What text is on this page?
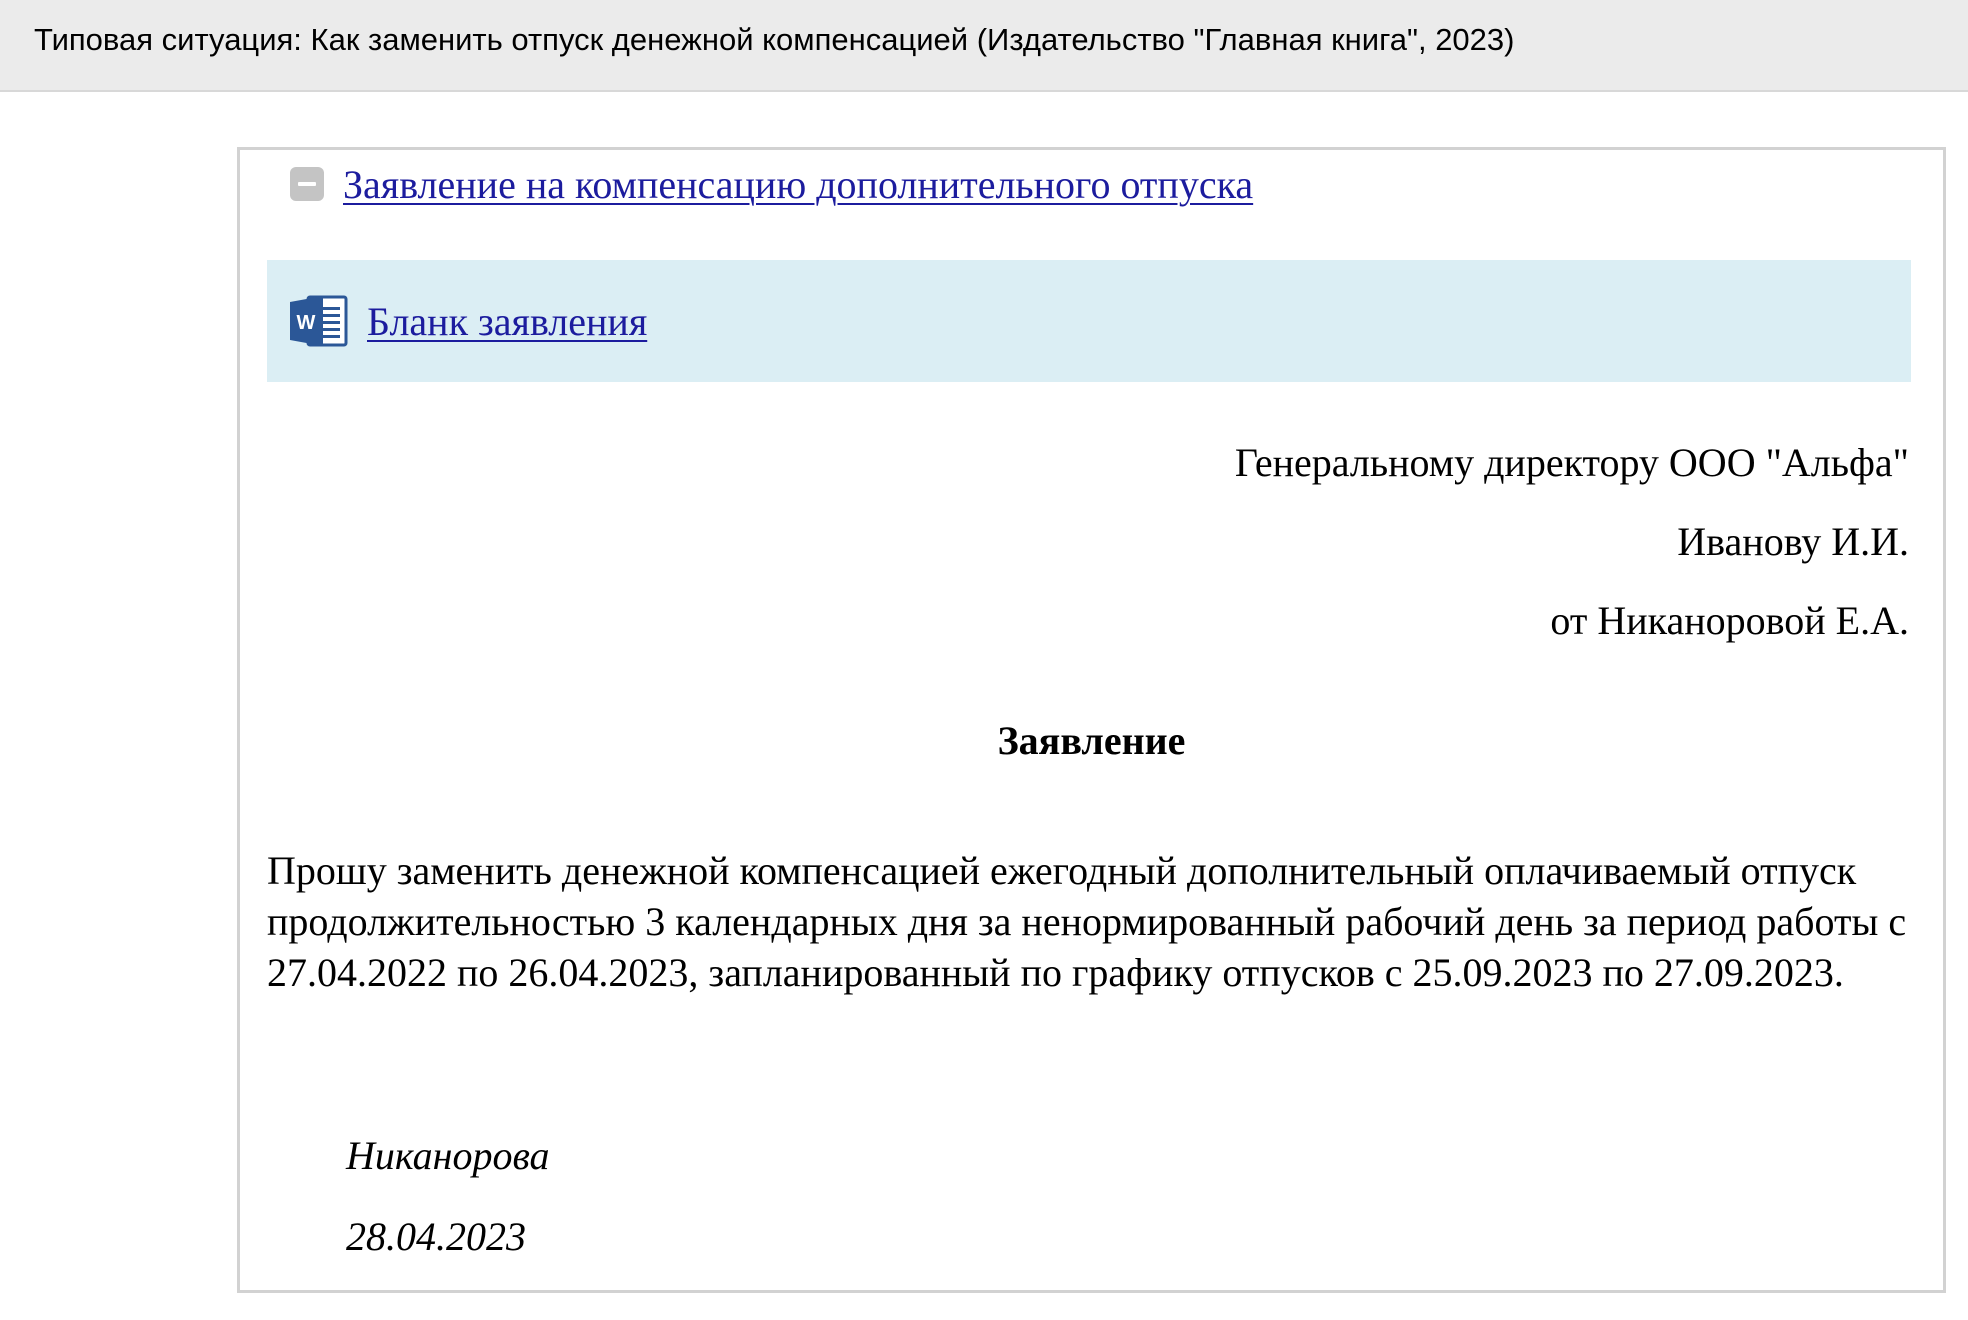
Типовая ситуация: Как заменить отпуск денежной компенсацией (Издательство "Главная книга", 2023)
Заявление на компенсацию дополнительного отпуска
W Бланк заявления
Генеральному директору ООО "Альфа"
Иванову И.И.
от Никаноровой Е.А.
Заявление
Прошу заменить денежной компенсацией ежегодный дополнительный оплачиваемый отпуск продолжительностью 3 календарных дня за ненормированный рабочий день за период работы с 27.04.2022 по 26.04.2023, запланированный по графику отпусков с 25.09.2023 по 27.09.2023.
Никанорова
28.04.2023
